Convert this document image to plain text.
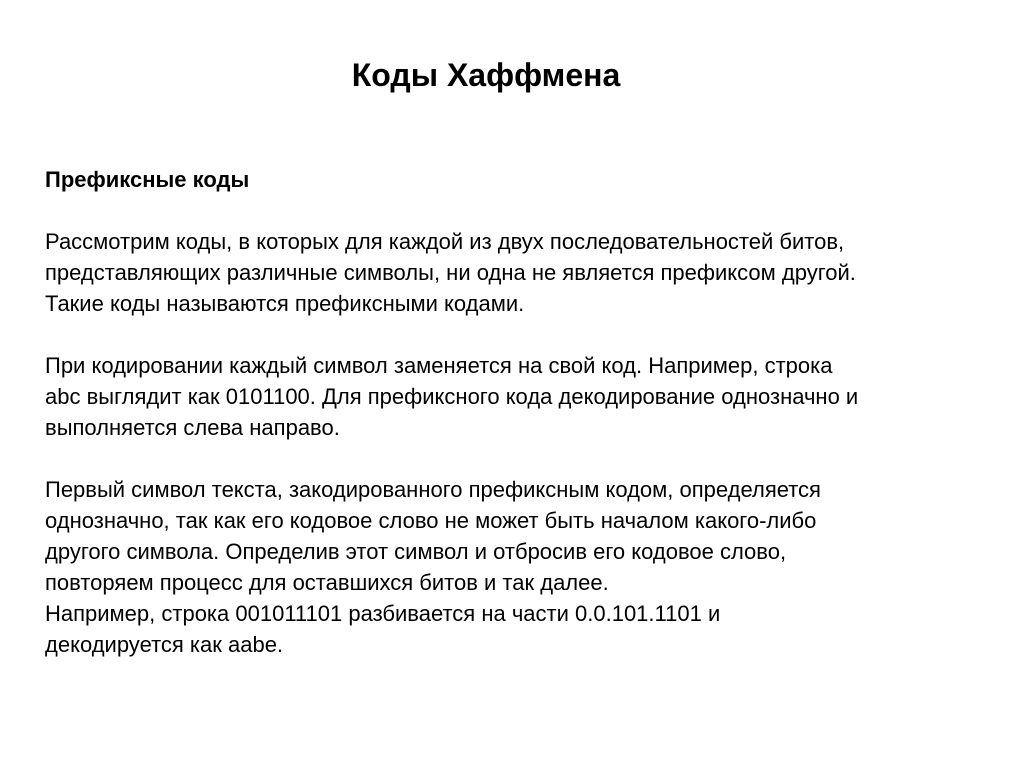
Коды Хаффмена
Префиксные коды
Рассмотрим коды, в которых для каждой из двух последовательностей битов,
представляющих различные символы, ни одна не является префиксом другой.
Такие коды называются префиксными кодами.
При кодировании каждый символ заменяется на свой код. Например, строка
abc выглядит как 0101100. Для префиксного кода декодирование однозначно и
выполняется слева направо.
Первый символ текста, закодированного префиксным кодом, определяется
однозначно, так как его кодовое слово не может быть началом какого-либо
другого символа. Определив этот символ и отбросив его кодовое слово,
повторяем процесс для оставшихся битов и так далее.
Например, строка 001011101 разбивается на части 0.0.101.1101 и
декодируется как aabe.
